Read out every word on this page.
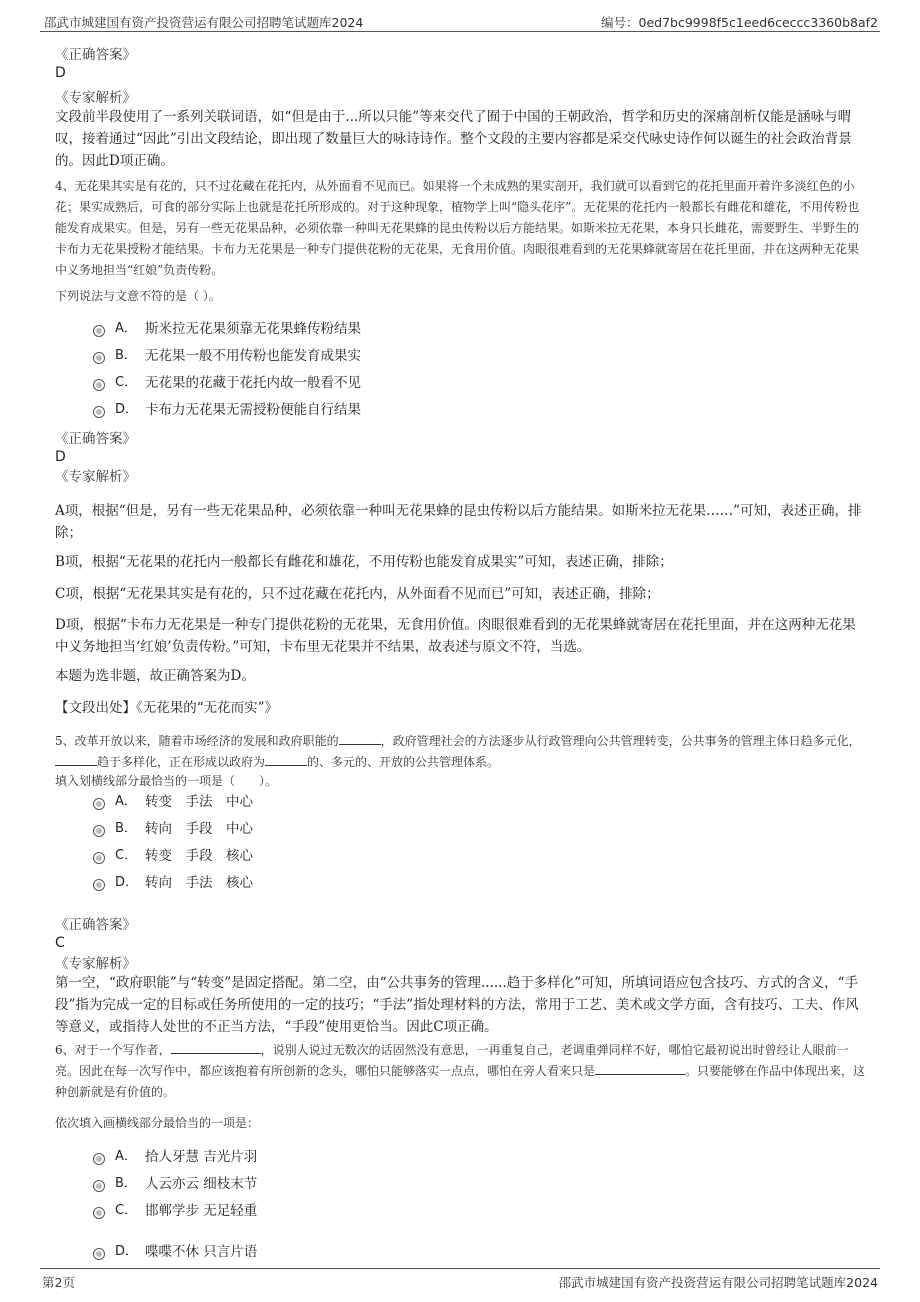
邵武市城建国有资产投资营运有限公司招聘笔试题库2024	编号：0ed7bc9998f5c1eed6ceccc3360b8af2
《正确答案》
D
《专家解析》
文段前半段使用了一系列关联词语，如“但是由于...所以只能”等来交代了囿于中国的王朝政治，哲学和历史的深痛剖析仅能是涵咏与喟叹，接着通过“因此”引出文段结论，即出现了数量巨大的咏诗诗作。整个文段的主要内容都是采交代咏史诗作何以诞生的社会政治背景的。因此D项正确。
4、无花果其实是有花的，只不过花藏在花托内，从外面看不见而已。如果将一个未成熟的果实剖开，我们就可以看到它的花托里面开着许多淡红色的小花；果实成熟后，可食的部分实际上也就是花托所形成的。对于这种现象，植物学上叫“隐头花序”。无花果的花托内一般都长有雌花和雄花，不用传粉也能发育成果实。但是，另有一些无花果品种，必须依靠一种叫无花果蜂的昆虫传粉以后方能结果。如斯米拉无花果，本身只长雌花，需要野生、半野生的卡布力无花果授粉才能结果。卡布力无花果是一种专门提供花粉的无花果，无食用价值。肉眼很难看到的无花果蜂就寄居在花托里面，并在这两种无花果中义务地担当“红娘”负责传粉。
下列说法与文意不符的是（ ）。
A． 斯米拉无花果须靠无花果蜂传粉结果
B． 无花果一般不用传粉也能发育成果实
C． 无花果的花藏于花托内故一般看不见
D． 卡布力无花果无需授粉便能自行结果
《正确答案》
D
《专家解析》
A项，根据“但是，另有一些无花果品种，必须依靠一种叫无花果蜂的昆虫传粉以后方能结果。如斯米拉无花果……”可知，表述正确，排除；
B项，根据“无花果的花托内一般都长有雌花和雄花，不用传粉也能发育成果实”可知，表述正确，排除；
C项，根据“无花果其实是有花的，只不过花藏在花托内，从外面看不见而已”可知，表述正确，排除；
D项，根据“卡布力无花果是一种专门提供花粉的无花果，无食用价值。肉眼很难看到的无花果蜂就寄居在花托里面，并在这两种无花果中义务地担当‘红娘’负责传粉。”可知，卡布里无花果并不结果，故表述与原文不符，当选。
本题为选非题，故正确答案为D。
【文段出处】《无花果的“无花而实”》
5、改革开放以来，随着市场经济的发展和政府职能的	，政府管理社会的方法逐步从行政管理向公共管理转变，公共事务的管理主体日趋多元化，趋于多样化，正在形成以政府为	的、多元的、开放的公共管理体系。
填入划横线部分最恰当的一项是（　　）。
A． 转变　手法　中心
B． 转向　手段　中心
C． 转变　手段　核心
D． 转向　手法　核心
《正确答案》
C
《专家解析》
第一空，“政府职能”与“转变”是固定搭配。第二空，由“公共事务的管理......趋于多样化”可知，所填词语应包含技巧、方式的含义，“手段”指为完成一定的目标或任务所使用的一定的技巧；“手法”指处理材料的方法，常用于工艺、美术或文学方面，含有技巧、工夫、作风等意义，或指待人处世的不正当方法，“手段”使用更恰当。因此C项正确。
6、对于一个写作者，	，说别人说过无数次的话固然没有意思，一再重复自己，老调重弹同样不好，哪怕它最初说出时曾经让人眼前一亮。因此在每一次写作中，都应该抱着有所创新的念头，哪怕只能够落实一点点，哪怕在旁人看来只是	。只要能够在作品中体现出来，这种创新就是有价值的。
依次填入画横线部分最恰当的一项是：
A． 拾人牙慧 吉光片羽
B． 人云亦云 细枝末节
C． 邯郸学步 无足轻重
D． 喋喋不休 只言片语
第2页	邵武市城建国有资产投资营运有限公司招聘笔试题库2024
